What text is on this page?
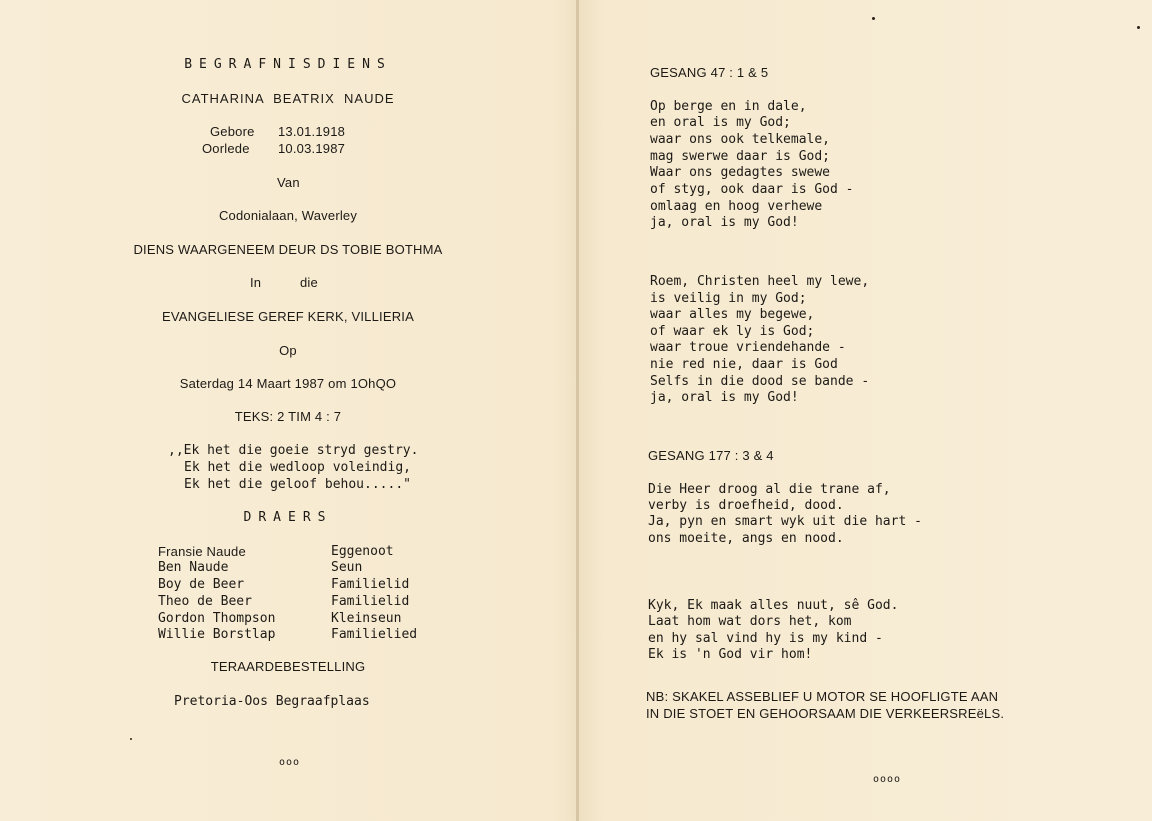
BEGRAFNISDIENS
CATHARINA  BEATRIX  NAUDE
Gebore 13.01.1918
Oorlede 10.03.1987
Van
Codonialaan, Waverley
DIENS WAARGENEEM DEUR DS TOBIE BOTHMA
In	die
EVANGELIESE GEREF KERK, VILLIERIA
Op
Saterdag 14 Maart 1987 om 1OhQO
TEKS: 2 TIM 4 : 7
,,Ek het die goeie stryd gestry.
Ek het die wedloop voleindig,
Ek het die geloof behou....."
DRAERS
Fransie Naude	Eggenoot
Ben Naude	Seun
Boy de Beer	Familielid
Theo de Beer	Familielid
Gordon Thompson	Kleinseun
Willie Borstlap	Familielied
TERAARDEBESTELLING
Pretoria-Oos Begraafplaas
ooo
GESANG 47 : 1 & 5
Op berge en in dale,
en oral is my God;
waar ons ook telkemale,
mag swerwe daar is God;
Waar ons gedagtes swewe
of styg, ook daar is God -
omlaag en hoog verhewe
ja, oral is my God!
Roem, Christen heel my lewe,
is veilig in my God;
waar alles my begewe,
of waar ek ly is God;
waar troue vriendehande -
nie red nie, daar is God
Selfs in die dood se bande -
ja, oral is my God!
GESANG 177 : 3 & 4
Die Heer droog al die trane af,
verby is droefheid, dood.
Ja, pyn en smart wyk uit die hart -
ons moeite, angs en nood.
Kyk, Ek maak alles nuut, sê God.
Laat hom wat dors het, kom
en hy sal vind hy is my kind -
Ek is 'n God vir hom!
NB: SKAKEL ASSEBLIEF U MOTOR SE HOOFLIGTE AAN
IN DIE STOET EN GEHOORSAAM DIE VERKEERSREëLS.
oooo
